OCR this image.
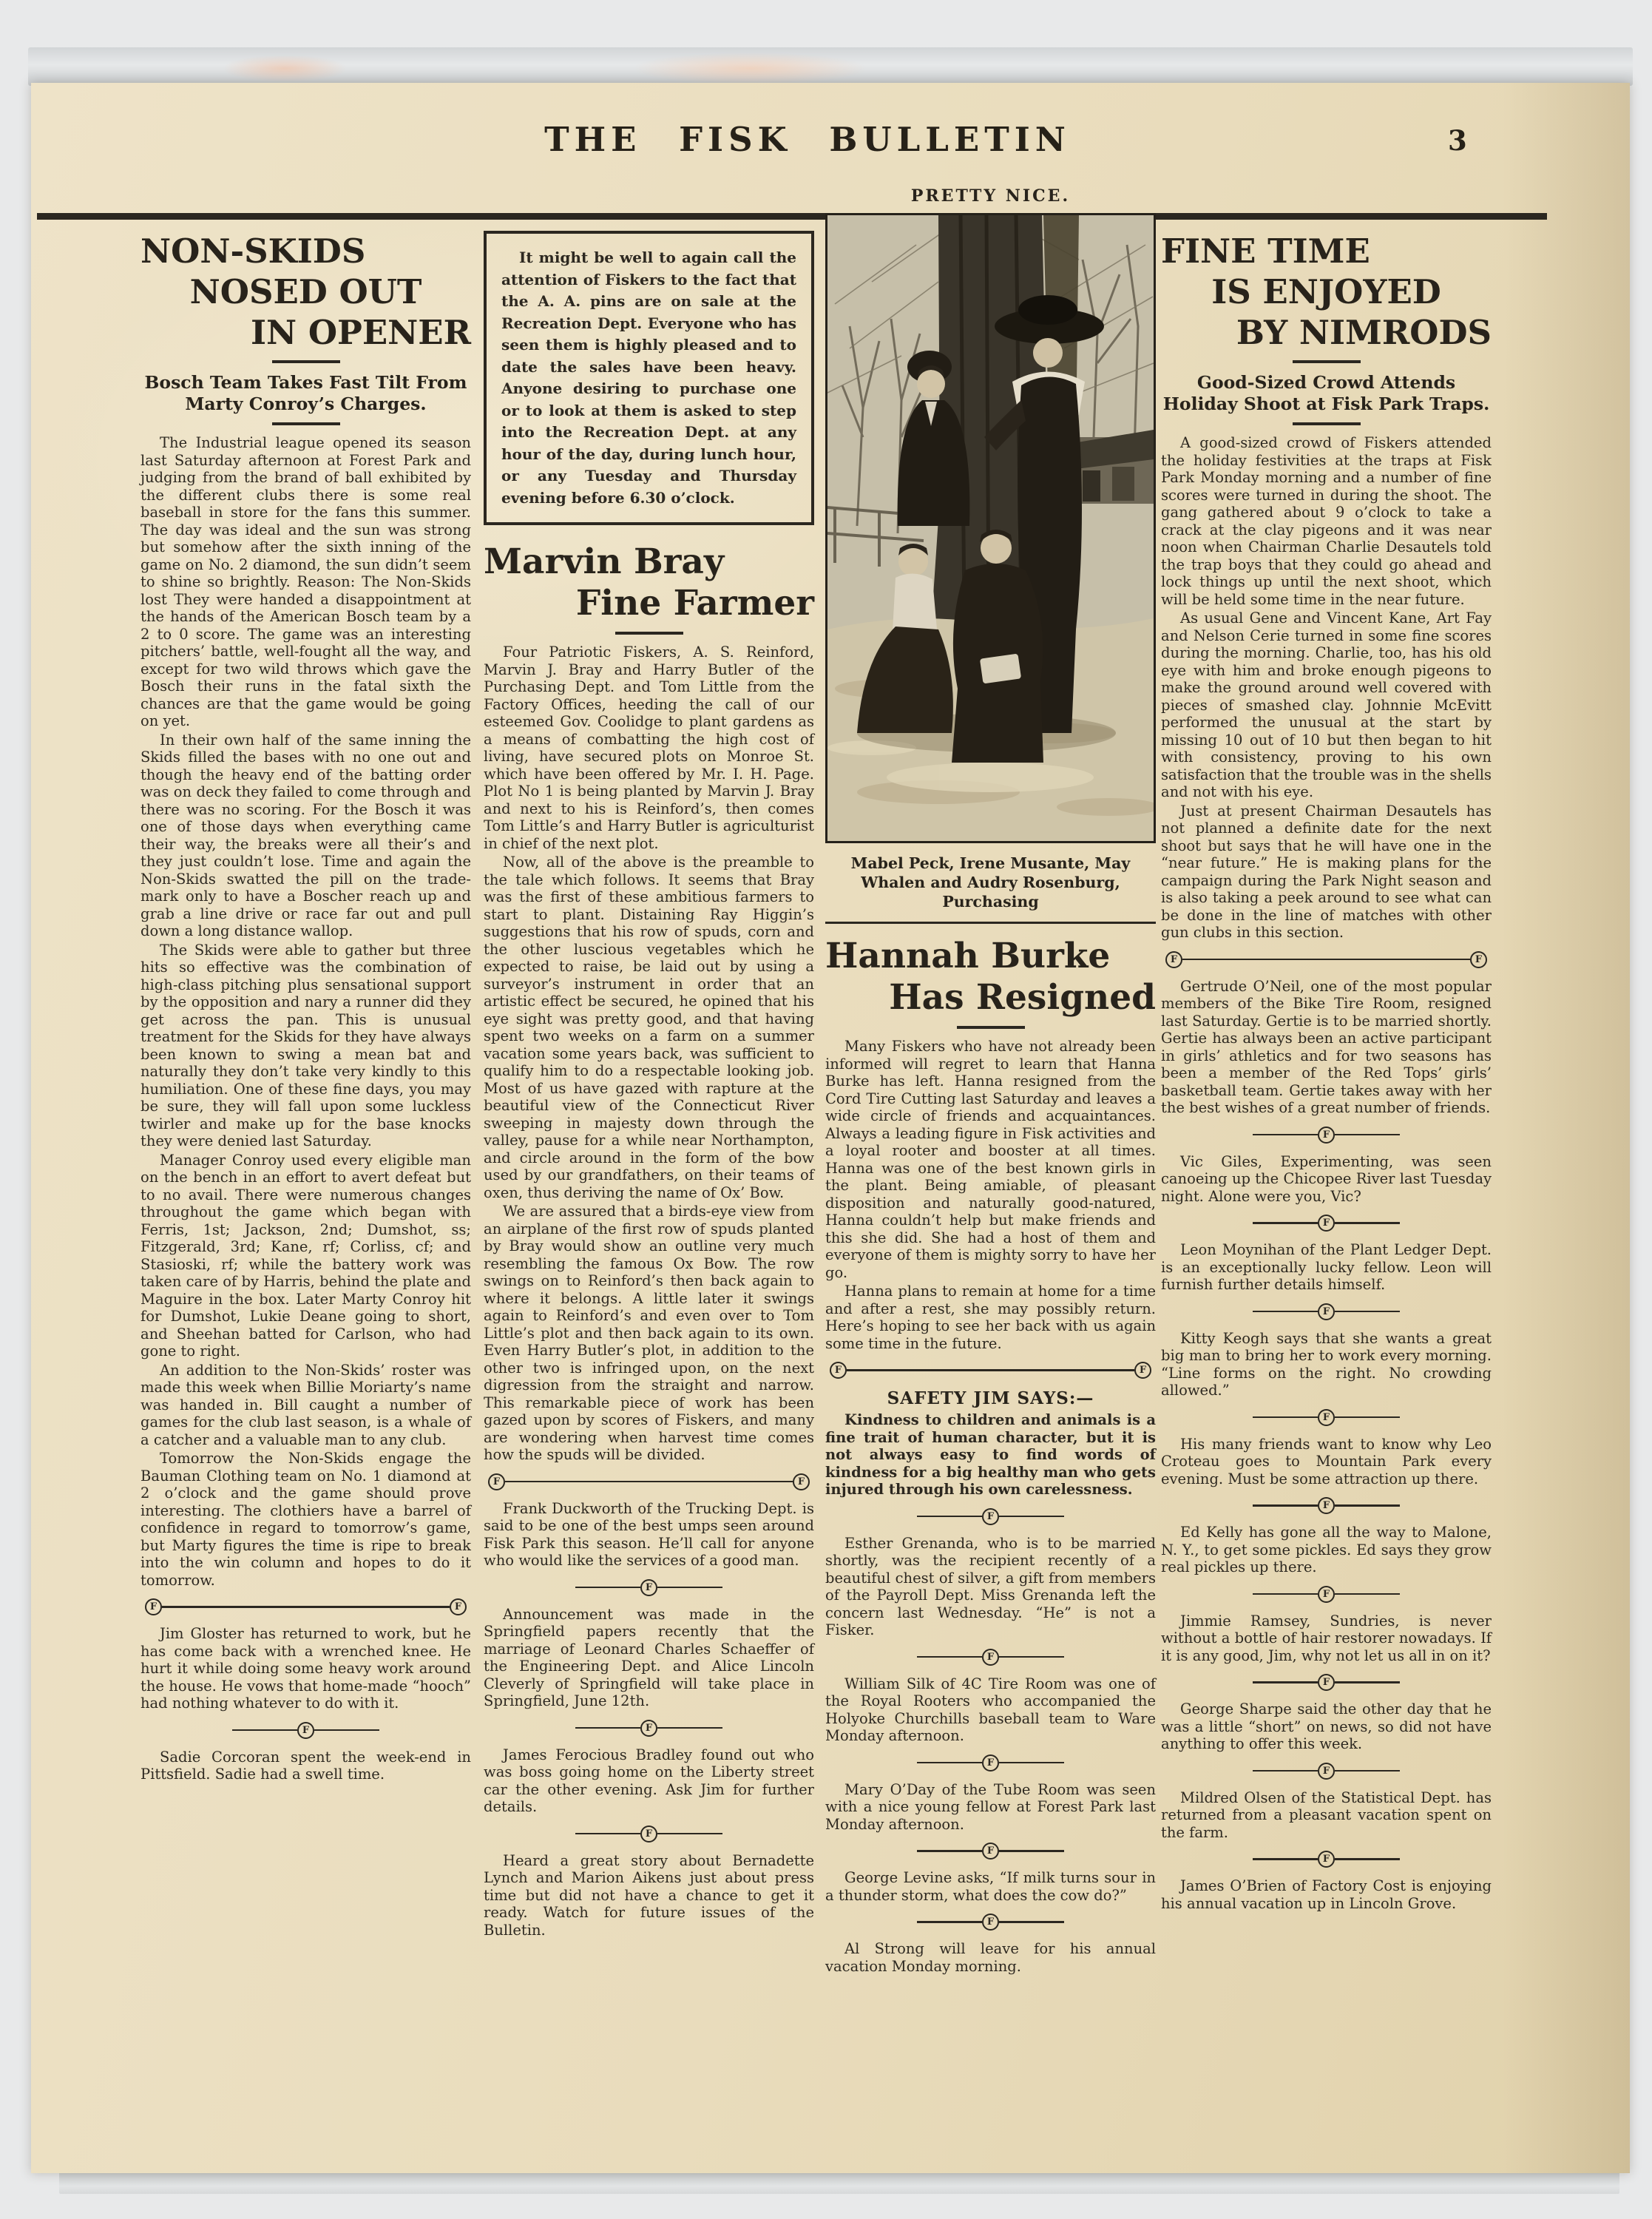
THE FISK BULLETIN	3
NON-SKIDS
NOSED OUT
IN OPENER
Bosch Team Takes Fast Tilt From Marty Conroy’s Charges.

The Industrial league opened its season last Saturday afternoon at Forest Park and judging from the brand of ball exhibited by the different clubs there is some real baseball in store for the fans this summer. The day was ideal and the sun was strong but somehow after the sixth inning of the game on No. 2 diamond, the sun didn’t seem to shine so brightly. Reason: The Non-Skids lost They were handed a disappointment at the hands of the American Bosch team by a 2 to 0 score. The game was an interesting pitchers’ battle, well-fought all the way, and except for two wild throws which gave the Bosch their runs in the fatal sixth the chances are that the game would be going on yet.

In their own half of the same inning the Skids filled the bases with no one out and though the heavy end of the batting order was on deck they failed to come through and there was no scoring. For the Bosch it was one of those days when everything came their way, the breaks were all their’s and they just couldn’t lose. Time and again the Non-Skids swatted the pill on the trade-mark only to have a Boscher reach up and grab a line drive or race far out and pull down a long distance wallop.

The Skids were able to gather but three hits so effective was the combination of high-class pitching plus sensational support by the opposition and nary a runner did they get across the pan. This is unusual treatment for the Skids for they have always been known to swing a mean bat and naturally they don’t take very kindly to this humiliation. One of these fine days, you may be sure, they will fall upon some luckless twirler and make up for the base knocks they were denied last Saturday.

Manager Conroy used every eligible man on the bench in an effort to avert defeat but to no avail. There were numerous changes throughout the game which began with Ferris, 1st; Jackson, 2nd; Dumshot, ss; Fitzgerald, 3rd; Kane, rf; Corliss, cf; and Stasioski, rf; while the battery work was taken care of by Harris, behind the plate and Maguire in the box. Later Marty Conroy hit for Dumshot, Lukie Deane going to short, and Sheehan batted for Carlson, who had gone to right.

An addition to the Non-Skids’ roster was made this week when Billie Moriarty’s name was handed in. Bill caught a number of games for the club last season, is a whale of a catcher and a valuable man to any club.

Tomorrow the Non-Skids engage the Bauman Clothing team on No. 1 diamond at 2 o’clock and the game should prove interesting. The clothiers have a barrel of confidence in regard to tomorrow’s game, but Marty figures the time is ripe to break into the win column and hopes to do it tomorrow.

F	F

Jim Gloster has returned to work, but he has come back with a wrenched knee. He hurt it while doing some heavy work around the house. He vows that home-made “hooch” had nothing whatever to do with it.

F

Sadie Corcoran spent the week-end in Pittsfield. Sadie had a swell time.

It might be well to again call the attention of Fiskers to the fact that the A. A. pins are on sale at the Recreation Dept. Everyone who has seen them is highly pleased and to date the sales have been heavy. Anyone desiring to purchase one or to look at them is asked to step into the Recreation Dept. at any hour of the day, during lunch hour, or any Tuesday and Thursday evening before 6.30 o’clock.
Marvin Bray
Fine Farmer

Four Patriotic Fiskers, A. S. Reinford, Marvin J. Bray and Harry Butler of the Purchasing Dept. and Tom Little from the Factory Offices, heeding the call of our esteemed Gov. Coolidge to plant gardens as a means of combatting the high cost of living, have secured plots on Monroe St. which have been offered by Mr. I. H. Page. Plot No 1 is being planted by Marvin J. Bray and next to his is Reinford’s, then comes Tom Little’s and Harry Butler is agriculturist in chief of the next plot.

Now, all of the above is the preamble to the tale which follows. It seems that Bray was the first of these ambitious farmers to start to plant. Distaining Ray Higgin’s suggestions that his row of spuds, corn and the other luscious vegetables which he expected to raise, be laid out by using a surveyor’s instrument in order that an artistic effect be secured, he opined that his eye sight was pretty good, and that having spent two weeks on a farm on a summer vacation some years back, was sufficient to qualify him to do a respectable looking job. Most of us have gazed with rapture at the beautiful view of the Connecticut River sweeping in majesty down through the valley, pause for a while near Northampton, and circle around in the form of the bow used by our grandfathers, on their teams of oxen, thus deriving the name of Ox’ Bow.

We are assured that a birds-eye view from an airplane of the first row of spuds planted by Bray would show an outline very much resembling the famous Ox Bow. The row swings on to Reinford’s then back again to where it belongs. A little later it swings again to Reinford’s and even over to Tom Little’s plot and then back again to its own. Even Harry Butler’s plot, in addition to the other two is infringed upon, on the next digression from the straight and narrow. This remarkable piece of work has been gazed upon by scores of Fiskers, and many are wondering when harvest time comes how the spuds will be divided.

F	F

Frank Duckworth of the Trucking Dept. is said to be one of the best umps seen around Fisk Park this season. He’ll call for anyone who would like the services of a good man.

F

Announcement was made in the Springfield papers recently that the marriage of Leonard Charles Schaeffer of the Engineering Dept. and Alice Lincoln Cleverly of Springfield will take place in Springfield, June 12th.

F

James Ferocious Bradley found out who was boss going home on the Liberty street car the other evening. Ask Jim for further details.

F

Heard a great story about Bernadette Lynch and Marion Aikens just about press time but did not have a chance to get it ready. Watch for future issues of the Bulletin.

PRETTY NICE.

Mabel Peck, Irene Musante, May Whalen and Audry Rosenburg, Purchasing

Hannah Burke
Has Resigned

Many Fiskers who have not already been informed will regret to learn that Hanna Burke has left. Hanna resigned from the Cord Tire Cutting last Saturday and leaves a wide circle of friends and acquaintances. Always a leading figure in Fisk activities and a loyal rooter and booster at all times. Hanna was one of the best known girls in the plant. Being amiable, of pleasant disposition and naturally good-natured, Hanna couldn’t help but make friends and this she did. She had a host of them and everyone of them is mighty sorry to have her go.

Hanna plans to remain at home for a time and after a rest, she may possibly return. Here’s hoping to see her back with us again some time in the future.

F	F
SAFETY JIM SAYS:—

Kindness to children and animals is a fine trait of human character, but it is not always easy to find words of kindness for a big healthy man who gets injured through his own carelessness.

F

Esther Grenanda, who is to be married shortly, was the recipient recently of a beautiful chest of silver, a gift from members of the Payroll Dept. Miss Grenanda left the concern last Wednesday. “He” is not a Fisker.

F

William Silk of 4C Tire Room was one of the Royal Rooters who accompanied the Holyoke Churchills baseball team to Ware Monday afternoon.

F

Mary O’Day of the Tube Room was seen with a nice young fellow at Forest Park last Monday afternoon.

F

George Levine asks, “If milk turns sour in a thunder storm, what does the cow do?”

F

Al Strong will leave for his annual vacation Monday morning.

FINE TIME
IS ENJOYED
BY NIMRODS
Good-Sized Crowd Attends Holiday Shoot at Fisk Park Traps.

A good-sized crowd of Fiskers attended the holiday festivities at the traps at Fisk Park Monday morning and a number of fine scores were turned in during the shoot. The gang gathered about 9 o’clock to take a crack at the clay pigeons and it was near noon when Chairman Charlie Desautels told the trap boys that they could go ahead and lock things up until the next shoot, which will be held some time in the near future.

As usual Gene and Vincent Kane, Art Fay and Nelson Cerie turned in some fine scores during the morning. Charlie, too, has his old eye with him and broke enough pigeons to make the ground around well covered with pieces of smashed clay. Johnnie McEvitt performed the unusual at the start by missing 10 out of 10 but then began to hit with consistency, proving to his own satisfaction that the trouble was in the shells and not with his eye.

Just at present Chairman Desautels has not planned a definite date for the next shoot but says that he will have one in the “near future.” He is making plans for the campaign during the Park Night season and is also taking a peek around to see what can be done in the line of matches with other gun clubs in this section.

F	F

Gertrude O’Neil, one of the most popular members of the Bike Tire Room, resigned last Saturday. Gertie is to be married shortly. Gertie has always been an active participant in girls’ athletics and for two seasons has been a member of the Red Tops’ girls’ basketball team. Gertie takes away with her the best wishes of a great number of friends.

F

Vic Giles, Experimenting, was seen canoeing up the Chicopee River last Tuesday night. Alone were you, Vic?

F

Leon Moynihan of the Plant Ledger Dept. is an exceptionally lucky fellow. Leon will furnish further details himself.

F

Kitty Keogh says that she wants a great big man to bring her to work every morning. “Line forms on the right. No crowding allowed.”

F

His many friends want to know why Leo Croteau goes to Mountain Park every evening. Must be some attraction up there.

F

Ed Kelly has gone all the way to Malone, N. Y., to get some pickles. Ed says they grow real pickles up there.

F

Jimmie Ramsey, Sundries, is never without a bottle of hair restorer nowadays. If it is any good, Jim, why not let us all in on it?

F

George Sharpe said the other day that he was a little “short” on news, so did not have anything to offer this week.

F

Mildred Olsen of the Statistical Dept. has returned from a pleasant vacation spent on the farm.

F

James O’Brien of Factory Cost is enjoying his annual vacation up in Lincoln Grove.
